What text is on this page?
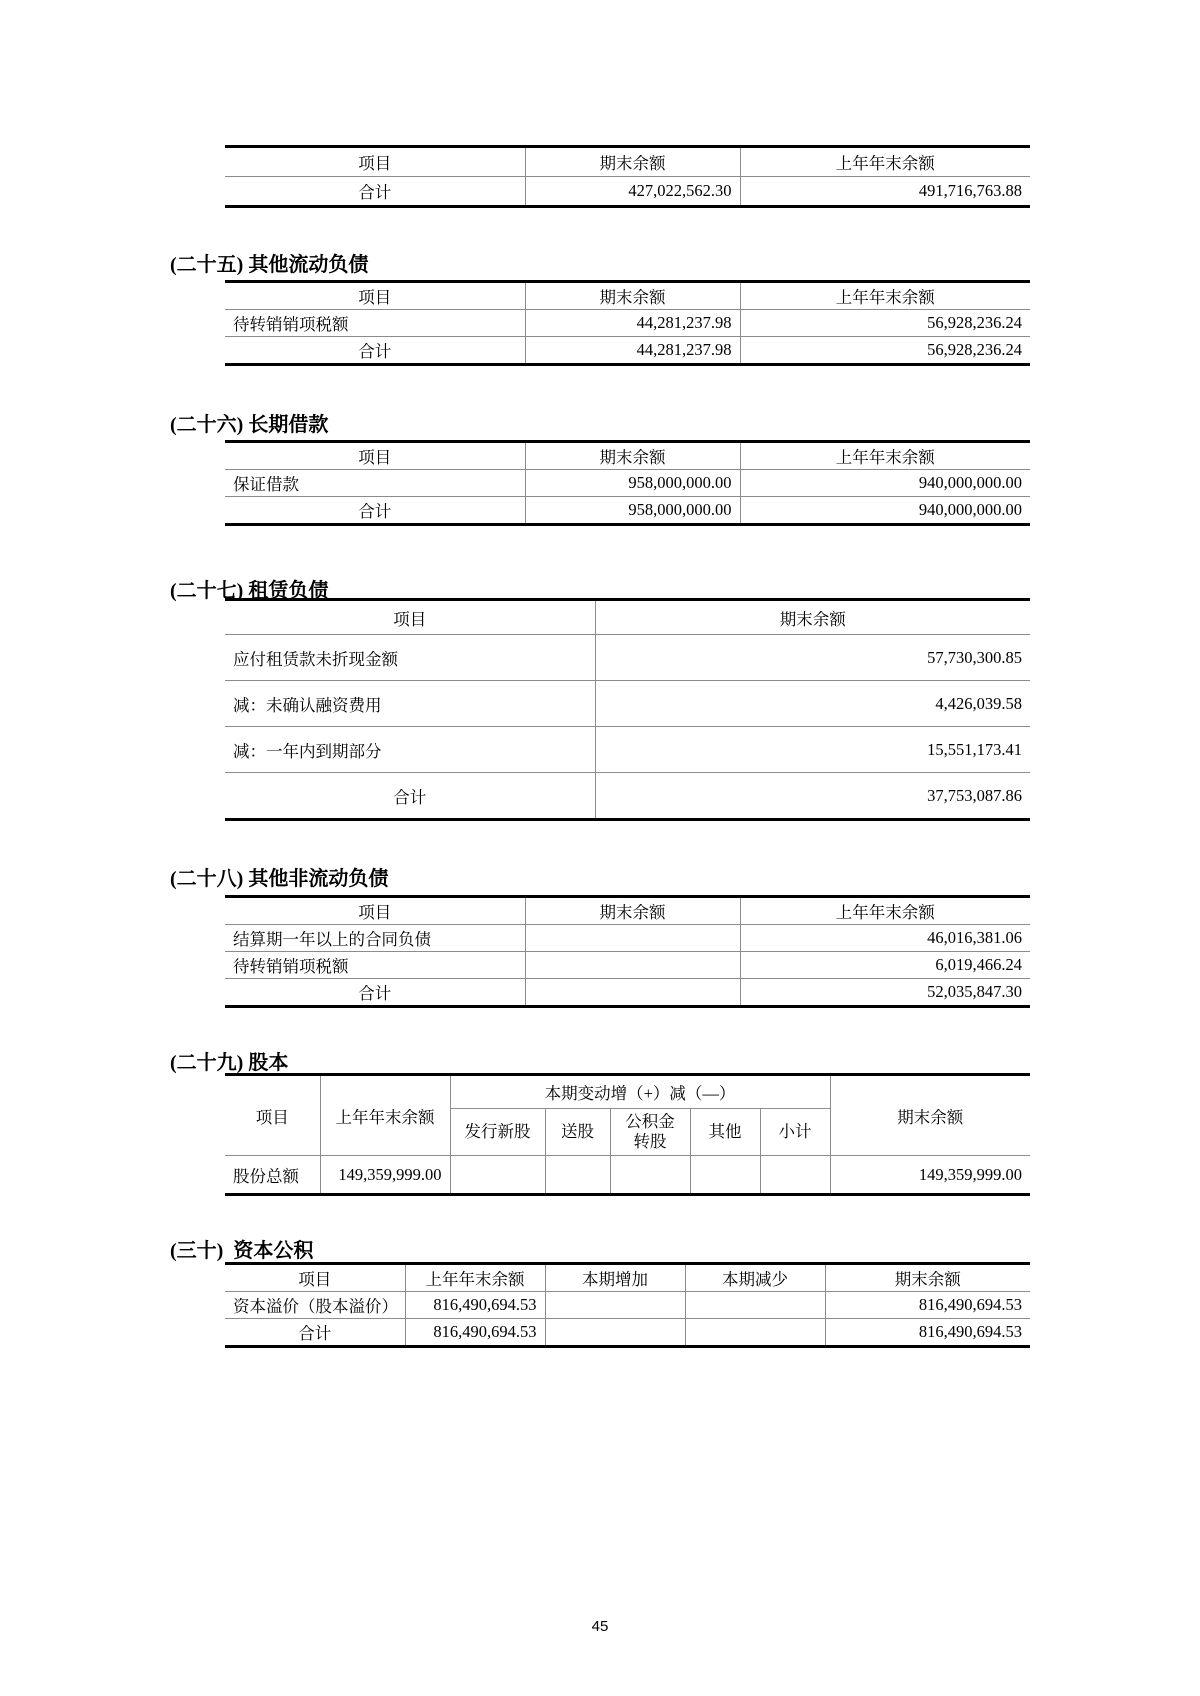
项目	期末余额	上年年末余额
合计	427,022,562.30	491,716,763.88
(二十五) 其他流动负债
项目	期末余额	上年年末余额
待转销销项税额	44,281,237.98	56,928,236.24
合计	44,281,237.98	56,928,236.24
(二十六) 长期借款
项目	期末余额	上年年末余额
保证借款	958,000,000.00	940,000,000.00
合计	958,000,000.00	940,000,000.00
(二十七) 租赁负债
项目	期末余额
应付租赁款未折现金额	57,730,300.85
减：未确认融资费用	4,426,039.58
减：一年内到期部分	15,551,173.41
合计	37,753,087.86
(二十八) 其他非流动负债
项目	期末余额	上年年末余额
结算期一年以上的合同负债		46,016,381.06
待转销销项税额		6,019,466.24
合计		52,035,847.30
(二十九) 股本
项目	上年年末余额	本期变动增（+）减（—）					期末余额
		发行新股	送股	公积金转股	其他	小计	
股份总额	149,359,999.00						149,359,999.00
(三十)  资本公积
项目	上年年末余额	本期增加	本期减少	期末余额
资本溢价（股本溢价）	816,490,694.53			816,490,694.53
合计	816,490,694.53			816,490,694.53
45
